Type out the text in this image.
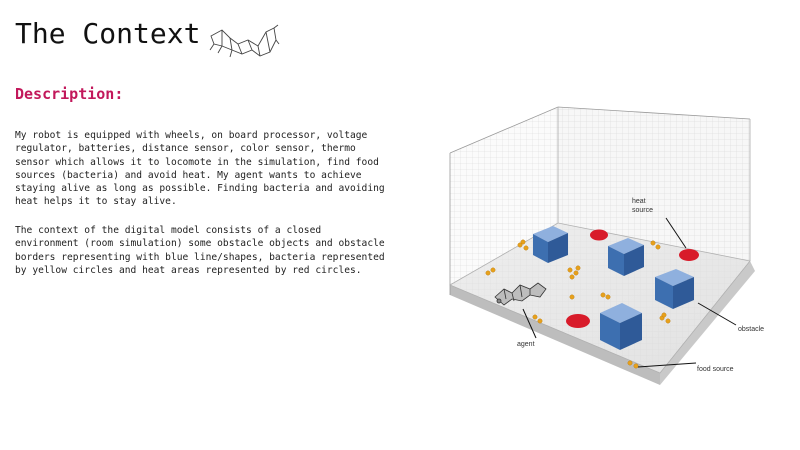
The Context
Description:

My robot is equipped with wheels, on board processor, voltage regulator, batteries, distance sensor, color sensor, thermo sensor which allows it to locomote in the simulation, find food sources (bacteria) and avoid heat. My agent wants to achieve staying alive as long as possible. Finding bacteria and avoiding heat helps it to stay alive.

The context of the digital model consists of a closed environment (room simulation) some obstacle objects and obstacle borders representing with blue line/shapes, bacteria represented by yellow circles and heat areas represented by red circles.

heat
source
obstacle
agent
food source
